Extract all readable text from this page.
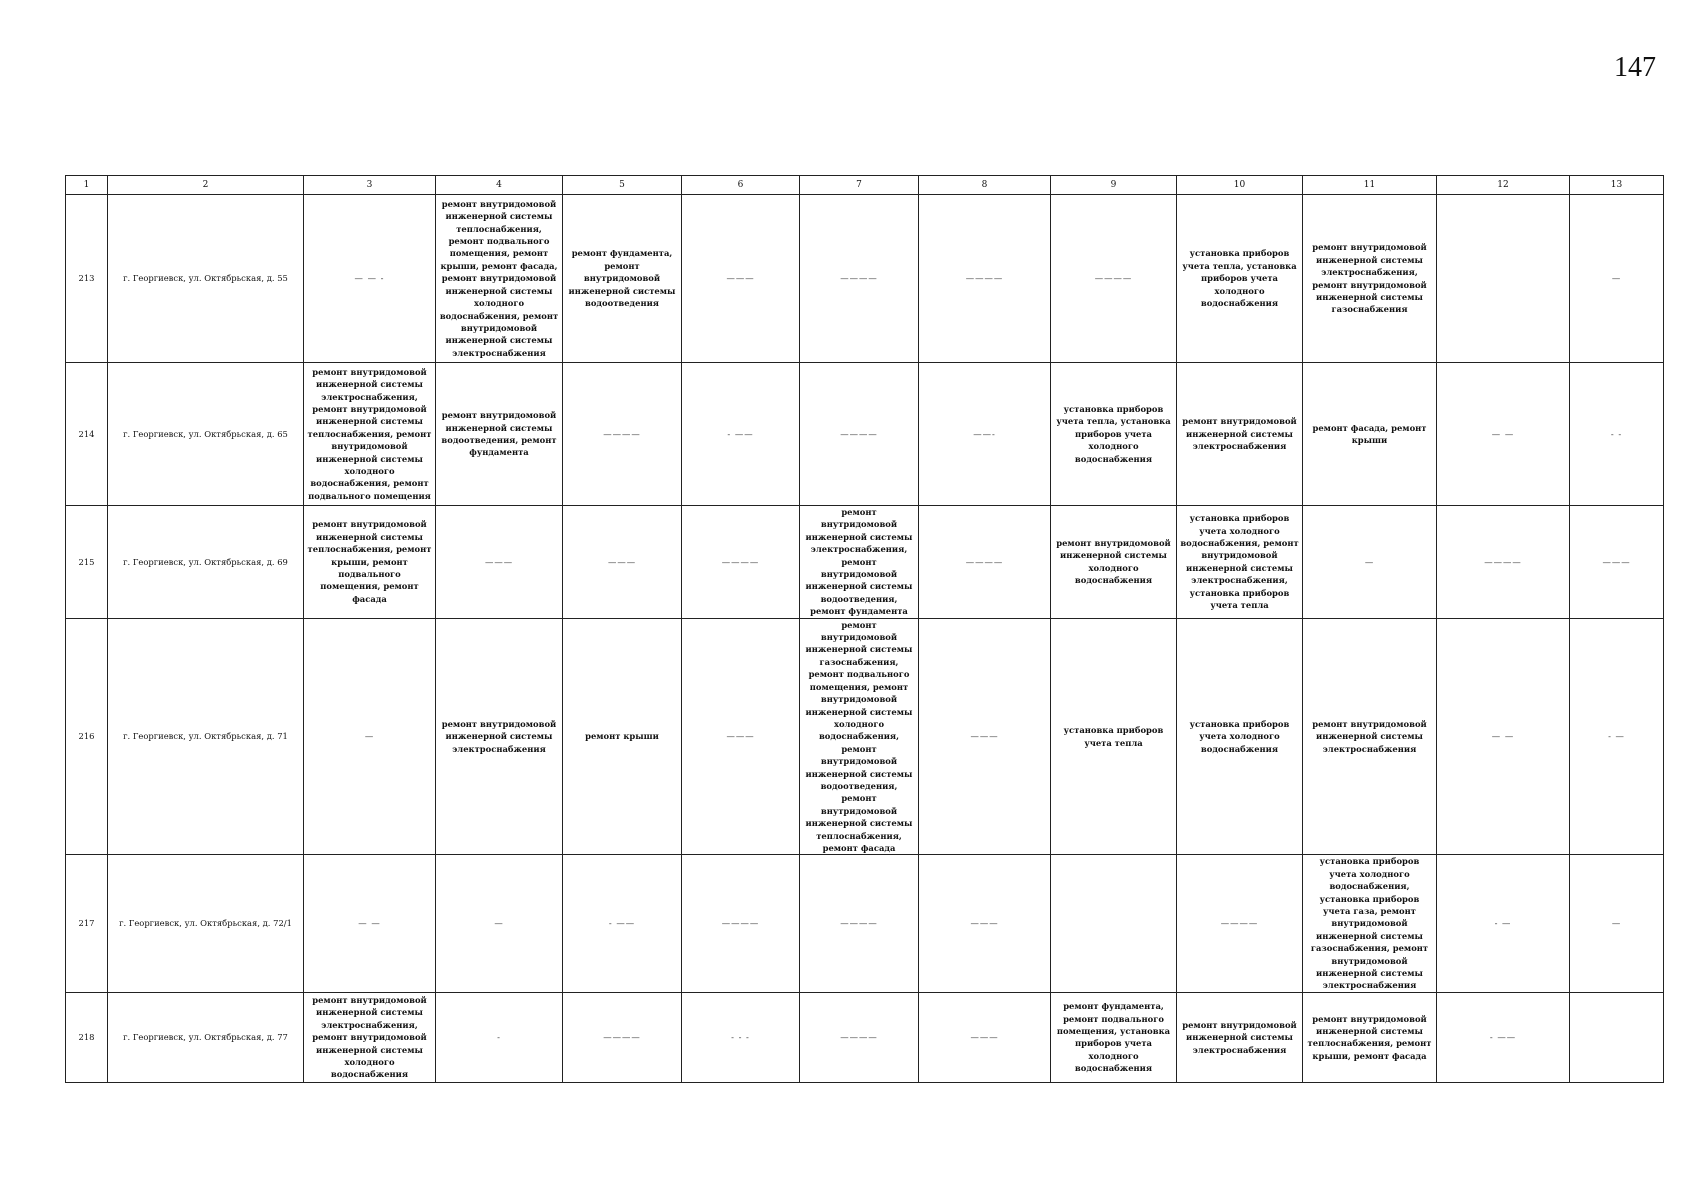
147
1	2	3	4	5	6	7	8	9	10	11	12	13
213	г. Георгиевск, ул. Октябрьская, д. 55	— — -	ремонт внутридомовой инженерной системы теплоснабжения, ремонт подвального помещения, ремонт крыши, ремонт фасада, ремонт внутридомовой инженерной системы холодного водоснабжения, ремонт внутридомовой инженерной системы электроснабжения	ремонт фундамента, ремонт внутридомовой инженерной системы водоотведения	———	————	————	————	установка приборов учета тепла, установка приборов учета холодного водоснабжения	ремонт внутридомовой инженерной системы электроснабжения, ремонт внутридомовой инженерной системы газоснабжения		—
214	г. Георгиевск, ул. Октябрьская, д. 65	ремонт внутридомовой инженерной системы электроснабжения, ремонт внутридомовой инженерной системы теплоснабжения, ремонт внутридомовой инженерной системы холодного водоснабжения, ремонт подвального помещения	ремонт внутридомовой инженерной системы водоотведения, ремонт фундамента	————	- ——	————	——-	установка приборов учета тепла, установка приборов учета холодного водоснабжения	ремонт внутридомовой инженерной системы электроснабжения	ремонт фасада, ремонт крыши	— —	- -
215	г. Георгиевск, ул. Октябрьская, д. 69	ремонт внутридомовой инженерной системы теплоснабжения, ремонт крыши, ремонт подвального помещения, ремонт фасада	———	———	————	ремонт внутридомовой инженерной системы электроснабжения, ремонт внутридомовой инженерной системы водоотведения, ремонт фундамента	————	ремонт внутридомовой инженерной системы холодного водоснабжения	установка приборов учета холодного водоснабжения, ремонт внутридомовой инженерной системы электроснабжения, установка приборов учета тепла	—	————	———
216	г. Георгиевск, ул. Октябрьская, д. 71	—	ремонт внутридомовой инженерной системы электроснабжения	ремонт крыши	———	ремонт внутридомовой инженерной системы газоснабжения, ремонт подвального помещения, ремонт внутридомовой инженерной системы холодного водоснабжения, ремонт внутридомовой инженерной системы водоотведения, ремонт внутридомовой инженерной системы теплоснабжения, ремонт фасада	———	установка приборов учета тепла	установка приборов учета холодного водоснабжения	ремонт внутридомовой инженерной системы электроснабжения	— —	- —
217	г. Георгиевск, ул. Октябрьская, д. 72/1	— —	—	- ——	————	————	———		————	установка приборов учета холодного водоснабжения, установка приборов учета газа, ремонт внутридомовой инженерной системы газоснабжения, ремонт внутридомовой инженерной системы электроснабжения	- —	—
218	г. Георгиевск, ул. Октябрьская, д. 77	ремонт внутридомовой инженерной системы электроснабжения, ремонт внутридомовой инженерной системы холодного водоснабжения	-	————	- - -	————	———	ремонт фундамента, ремонт подвального помещения, установка приборов учета холодного водоснабжения	ремонт внутридомовой инженерной системы электроснабжения	ремонт внутридомовой инженерной системы теплоснабжения, ремонт крыши, ремонт фасада	- ——	
